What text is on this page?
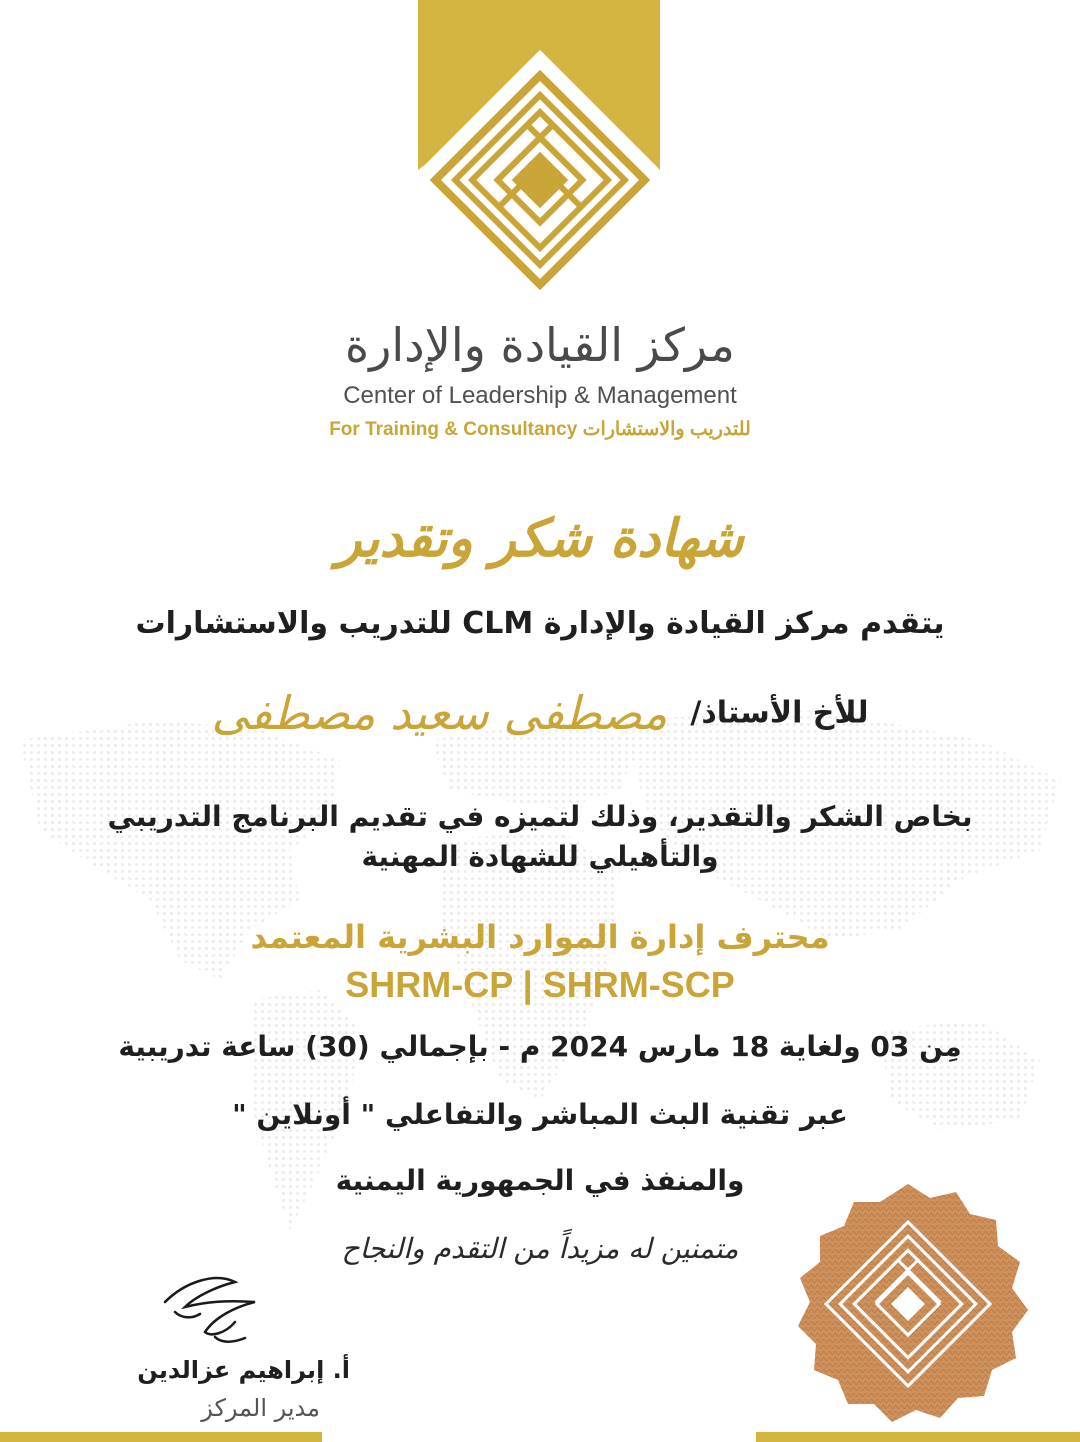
مركز القيادة والإدارة
Center of Leadership & Management
For Training & Consultancy للتدريب والاستشارات
شهادة شكر وتقدير
يتقدم مركز القيادة والإدارة CLM للتدريب والاستشارات
للأخ الأستاذ/ مصطفى سعيد مصطفى
بخاص الشكر والتقدير، وذلك لتميزه في تقديم البرنامج التدريبي
والتأهيلي للشهادة المهنية
محترف إدارة الموارد البشرية المعتمد
SHRM-CP | SHRM-SCP
مِن 03 ولغاية 18 مارس 2024 م - بإجمالي (30) ساعة تدريبية
عبر تقنية البث المباشر والتفاعلي " أونلاين "
والمنفذ في الجمهورية اليمنية
متمنين له مزيداً من التقدم والنجاح
أ. إبراهيم عزالدين
مدير المركز
